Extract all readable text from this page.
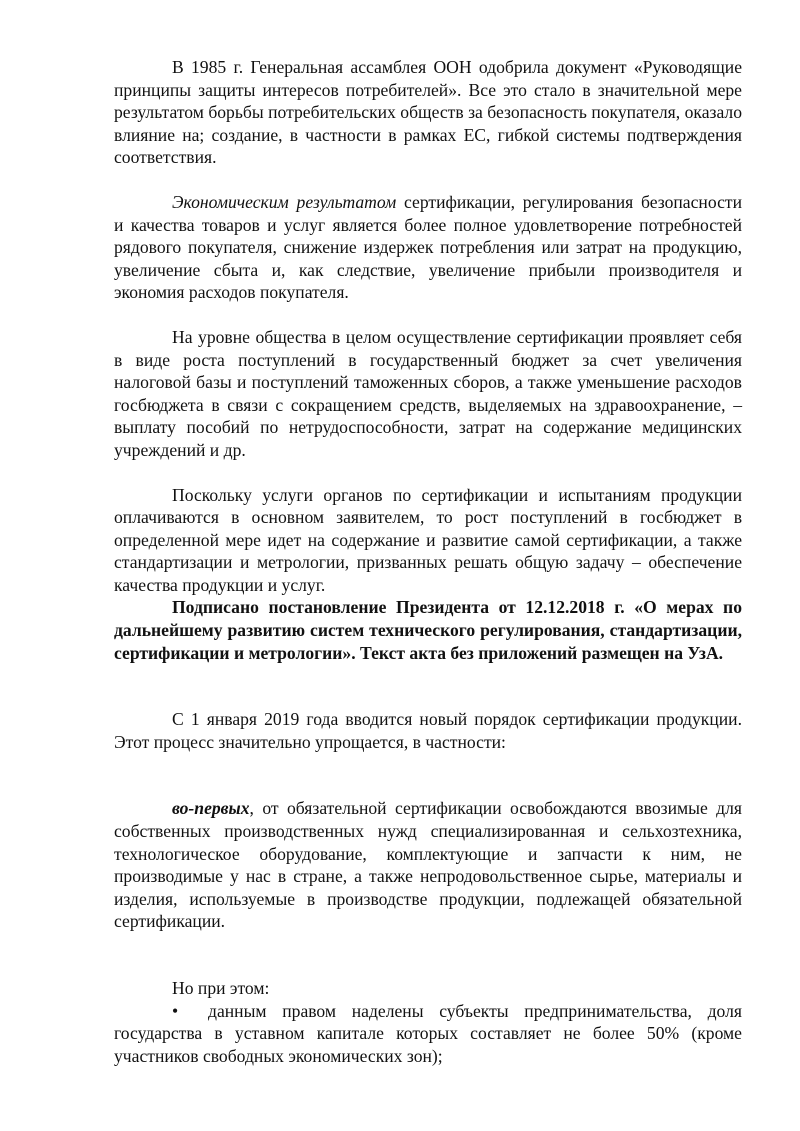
В 1985 г. Генеральная ассамблея ООН одобрила документ «Руководящие принципы защиты интересов потребителей». Все это стало в значительной мере результатом борьбы потребительских обществ за безопасность покупателя, оказало влияние на; создание, в частности в рамках ЕС, гибкой системы подтверждения соответствия.

Экономическим результатом сертификации, регулирования безопасности и качества товаров и услуг является более полное удовлетворение потребностей рядового покупателя, снижение издержек потребления или затрат на продукцию, увеличение сбыта и, как следствие, увеличение прибыли производителя и экономия расходов покупателя.

На уровне общества в целом осуществление сертификации проявляет себя в виде роста поступлений в государственный бюджет за счет увеличения налоговой базы и поступлений таможенных сборов, а также уменьшение расходов госбюджета в связи с сокращением средств, выделяемых на здравоохранение, – выплату пособий по нетрудоспособности, затрат на содержание медицинских учреждений и др.

Поскольку услуги органов по сертификации и испытаниям продукции оплачиваются в основном заявителем, то рост поступлений в госбюджет в определенной мере идет на содержание и развитие самой сертификации, а также стандартизации и метрологии, призванных решать общую задачу – обеспечение качества продукции и услуг.

Подписано постановление Президента от 12.12.2018 г. «О мерах по дальнейшему развитию систем технического регулирования, стандартизации, сертификации и метрологии». Текст акта без приложений размещен на УзА.

С 1 января 2019 года вводится новый порядок сертификации продукции. Этот процесс значительно упрощается, в частности:

во-первых, от обязательной сертификации освобождаются ввозимые для собственных производственных нужд специализированная и сельхозтехника, технологическое оборудование, комплектующие и запчасти к ним, не производимые у нас в стране, а также непродовольственное сырье, материалы и изделия, используемые в производстве продукции, подлежащей обязательной сертификации.

Но при этом:

• данным правом наделены субъекты предпринимательства, доля государства в уставном капитале которых составляет не более 50% (кроме участников свободных экономических зон);
